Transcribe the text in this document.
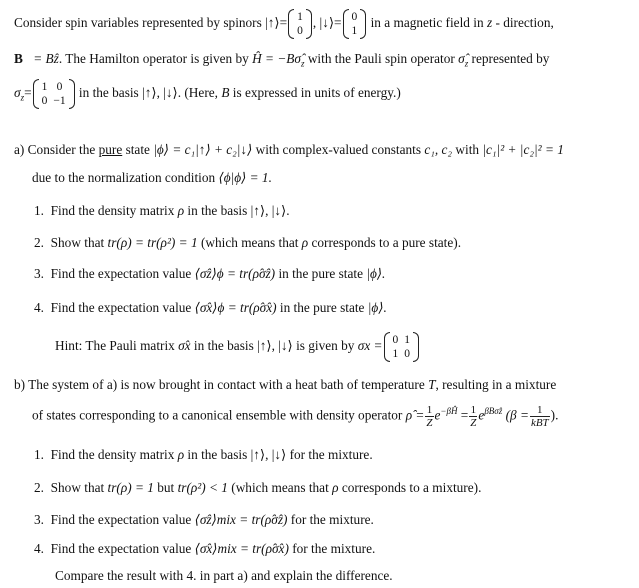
Consider spin variables represented by spinors |↑⟩= 1
0
, |↓⟩= 0
1
in a magnetic field in z - direction,
B⃗= Bẑ. The Hamilton operator is given by Ĥ = $-B\sigmâ_z$ with the Pauli spin operator $\sigmâ_z$ represented by
$\sigma_z= 1$	0
0	−1
in the basis |↑⟩, |↓⟩. (Here, B is expressed in units of energy.)
a) Consider the pure state |ϕ⟩ = c₁|↑⟩ + c₂|↓⟩ with complex-valued constants c₁, c₂ with |c₁|² + |c₂|² = 1
due to the normalization condition ⟨ϕ|ϕ⟩ = 1.
1. Find the density matrix ρ in the basis |↑⟩, |↓⟩.
2. Show that tr(ρ) = tr(ρ²) = 1 (which means that ρ corresponds to a pure state).
3. Find the expectation value ⟨σ̂z⟩ϕ = tr(ρ̂σ̂z) in the pure state |ϕ⟩.
4. Find the expectation value ⟨σ̂x⟩ϕ = tr(ρ̂σ̂x) in the pure state |ϕ⟩.
Hint: The Pauli matrix σ̂x in the basis |↑⟩, |↓⟩ is given by σx = 0	1
1	0
b) The system of a) is now brought in contact with a heat bath of temperature T, resulting in a mixture
of states corresponding to a canonical ensemble with density operator ρ̂ = $\frac{1}{Z} e^{-\beta Ĥ} = \frac{1}{Z} e^{\beta B\sigmâz}$ ($\beta = \frac{1}{\text{kBT}}$ ).
1. Find the density matrix ρ in the basis |↑⟩, |↓⟩ for the mixture.
2. Show that tr(ρ) = 1 but tr(ρ²) < 1 (which means that ρ corresponds to a mixture).
3. Find the expectation value ⟨σ̂z⟩mix = tr(ρ̂σ̂z) for the mixture.
4. Find the expectation value ⟨σ̂x⟩mix = tr(ρ̂σ̂x) for the mixture.
Compare the result with 4. in part a) and explain the difference.
